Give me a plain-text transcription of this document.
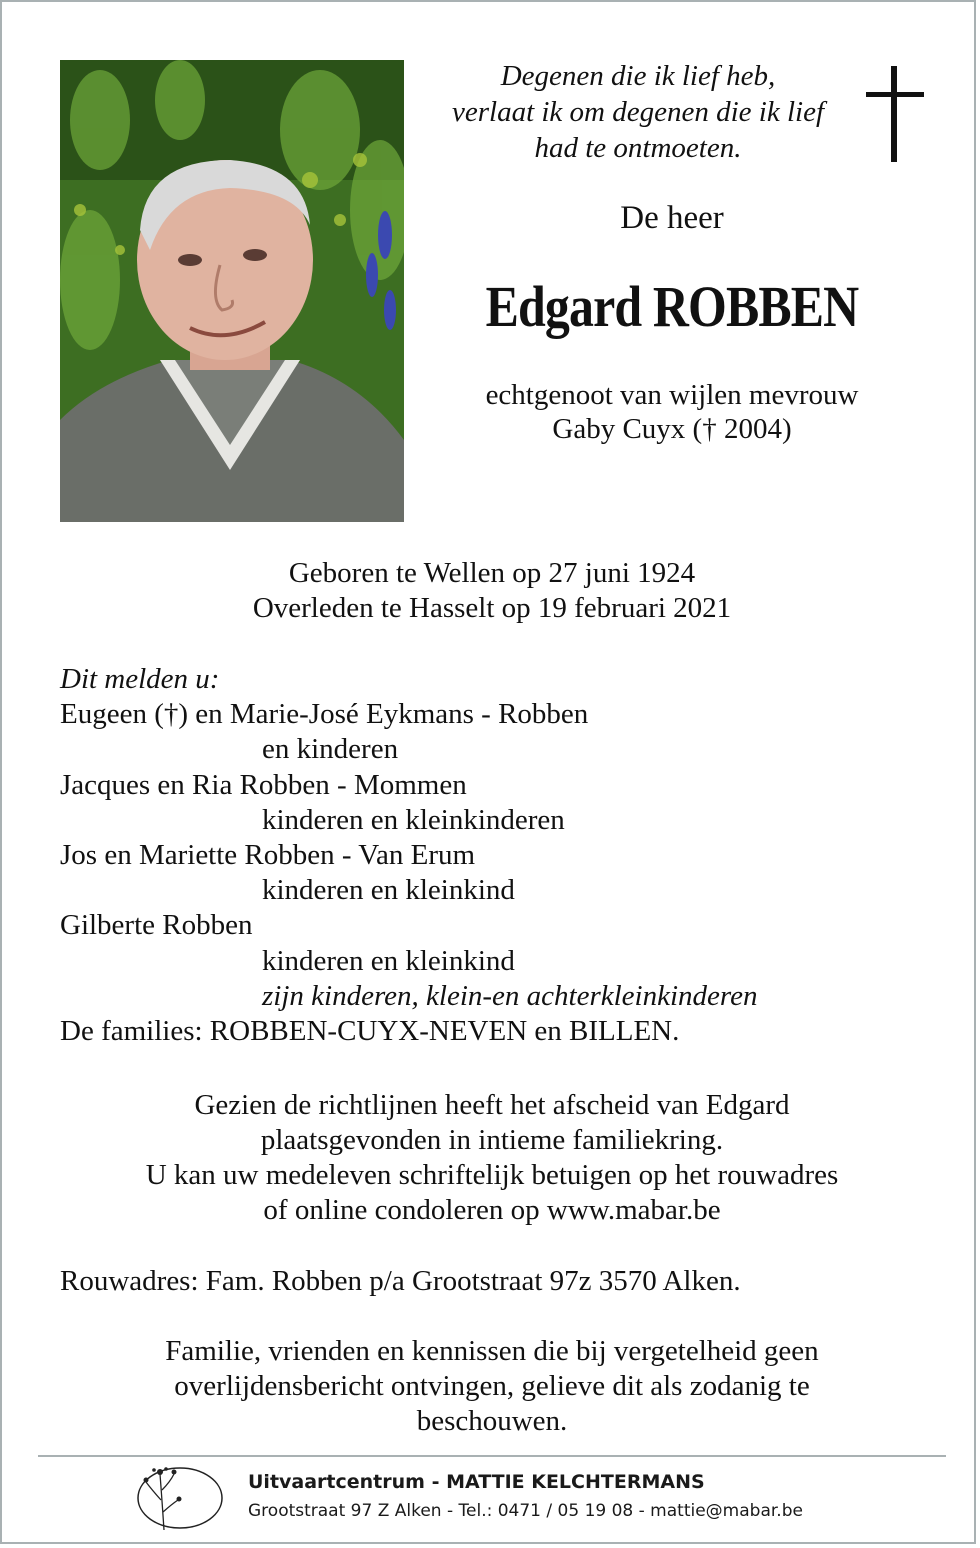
Degenen die ik lief heb,
verlaat ik om degenen die ik lief
had te ontmoeten.
De heer
Edgard ROBBEN
echtgenoot van wijlen mevrouw
Gaby Cuyx († 2004)
Geboren te Wellen op 27 juni 1924
Overleden te Hasselt op 19 februari 2021
Dit melden u:
Eugeen (†) en Marie-José Eykmans - Robben
en kinderen
Jacques en Ria Robben - Mommen
kinderen en kleinkinderen
Jos en Mariette Robben - Van Erum
kinderen en kleinkind
Gilberte Robben
kinderen en kleinkind
zijn kinderen, klein-en achterkleinkinderen
De families: ROBBEN-CUYX-NEVEN en BILLEN.
Gezien de richtlijnen heeft het afscheid van Edgard
plaatsgevonden in intieme familiekring.
U kan uw medeleven schriftelijk betuigen op het rouwadres
of online condoleren op www.mabar.be
Rouwadres: Fam. Robben p/a Grootstraat 97z 3570 Alken.
Familie, vrienden en kennissen die bij vergetelheid geen
overlijdensbericht ontvingen, gelieve dit als zodanig te
beschouwen.
Uitvaartcentrum - MATTIE KELCHTERMANS
Grootstraat 97 Z Alken - Tel.: 0471 / 05 19 08 - mattie@mabar.be
